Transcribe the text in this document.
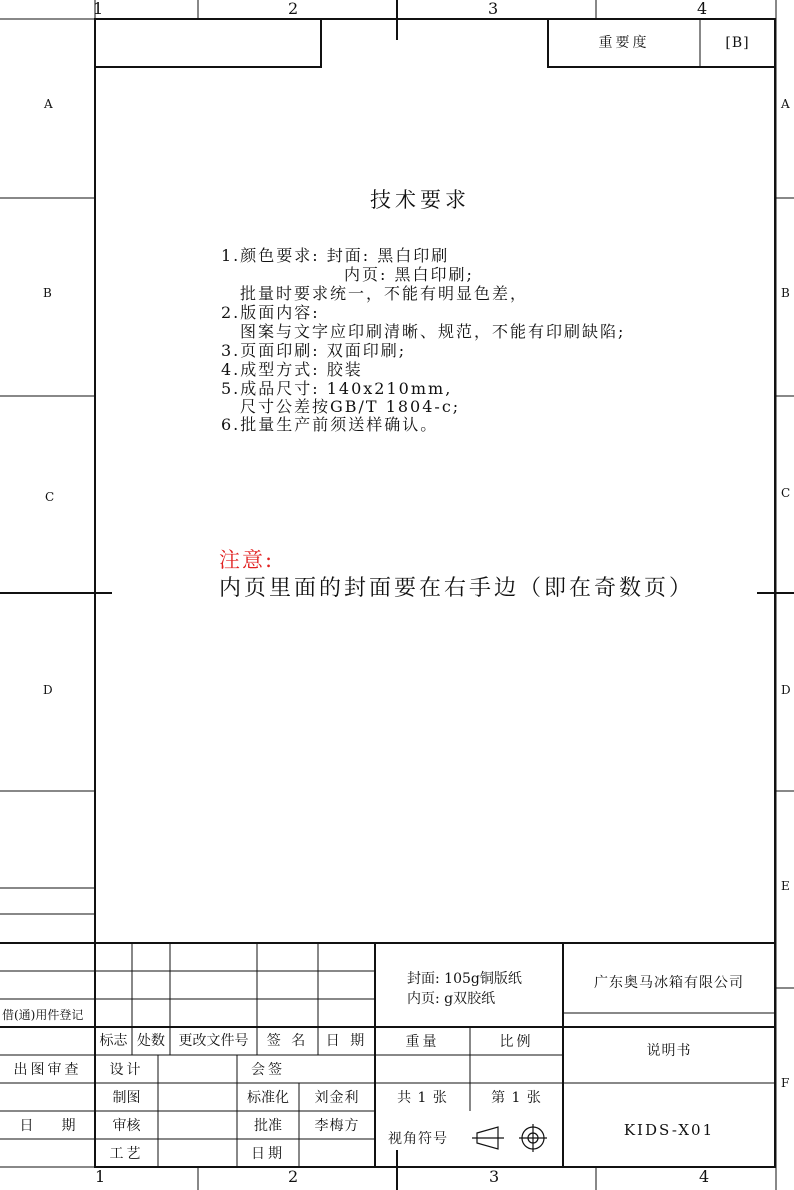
1	2	3	4
1	2	3	4
A
B
C
D
A
B
C
D
E
F
重要度	[B]
技术要求
1.颜色要求: 封面: 黑白印刷
内页: 黑白印刷;
批量时要求统一，不能有明显色差，
2.版面内容:
图案与文字应印刷清晰、规范，不能有印刷缺陷;
3.页面印刷: 双面印刷;
4.成型方式: 胶装
5.成品尺寸: 140x210mm,
尺寸公差按GB/T 1804-c;
6.批量生产前须送样确认。
注意:
内页里面的封面要在右手边（即在奇数页）
借(通)用件登记
出图审查
日　　期
标志 处数 更改文件号	签 名	日 期
设计	会签
制图	标准化	刘金利
审核	批准	李梅方
工艺	日期
封面: 105g铜版纸
内页: g双胶纸
重量	比例
共 1 张	第 1 张
视角符号
广东奥马冰箱有限公司
说明书
KIDS-X01
